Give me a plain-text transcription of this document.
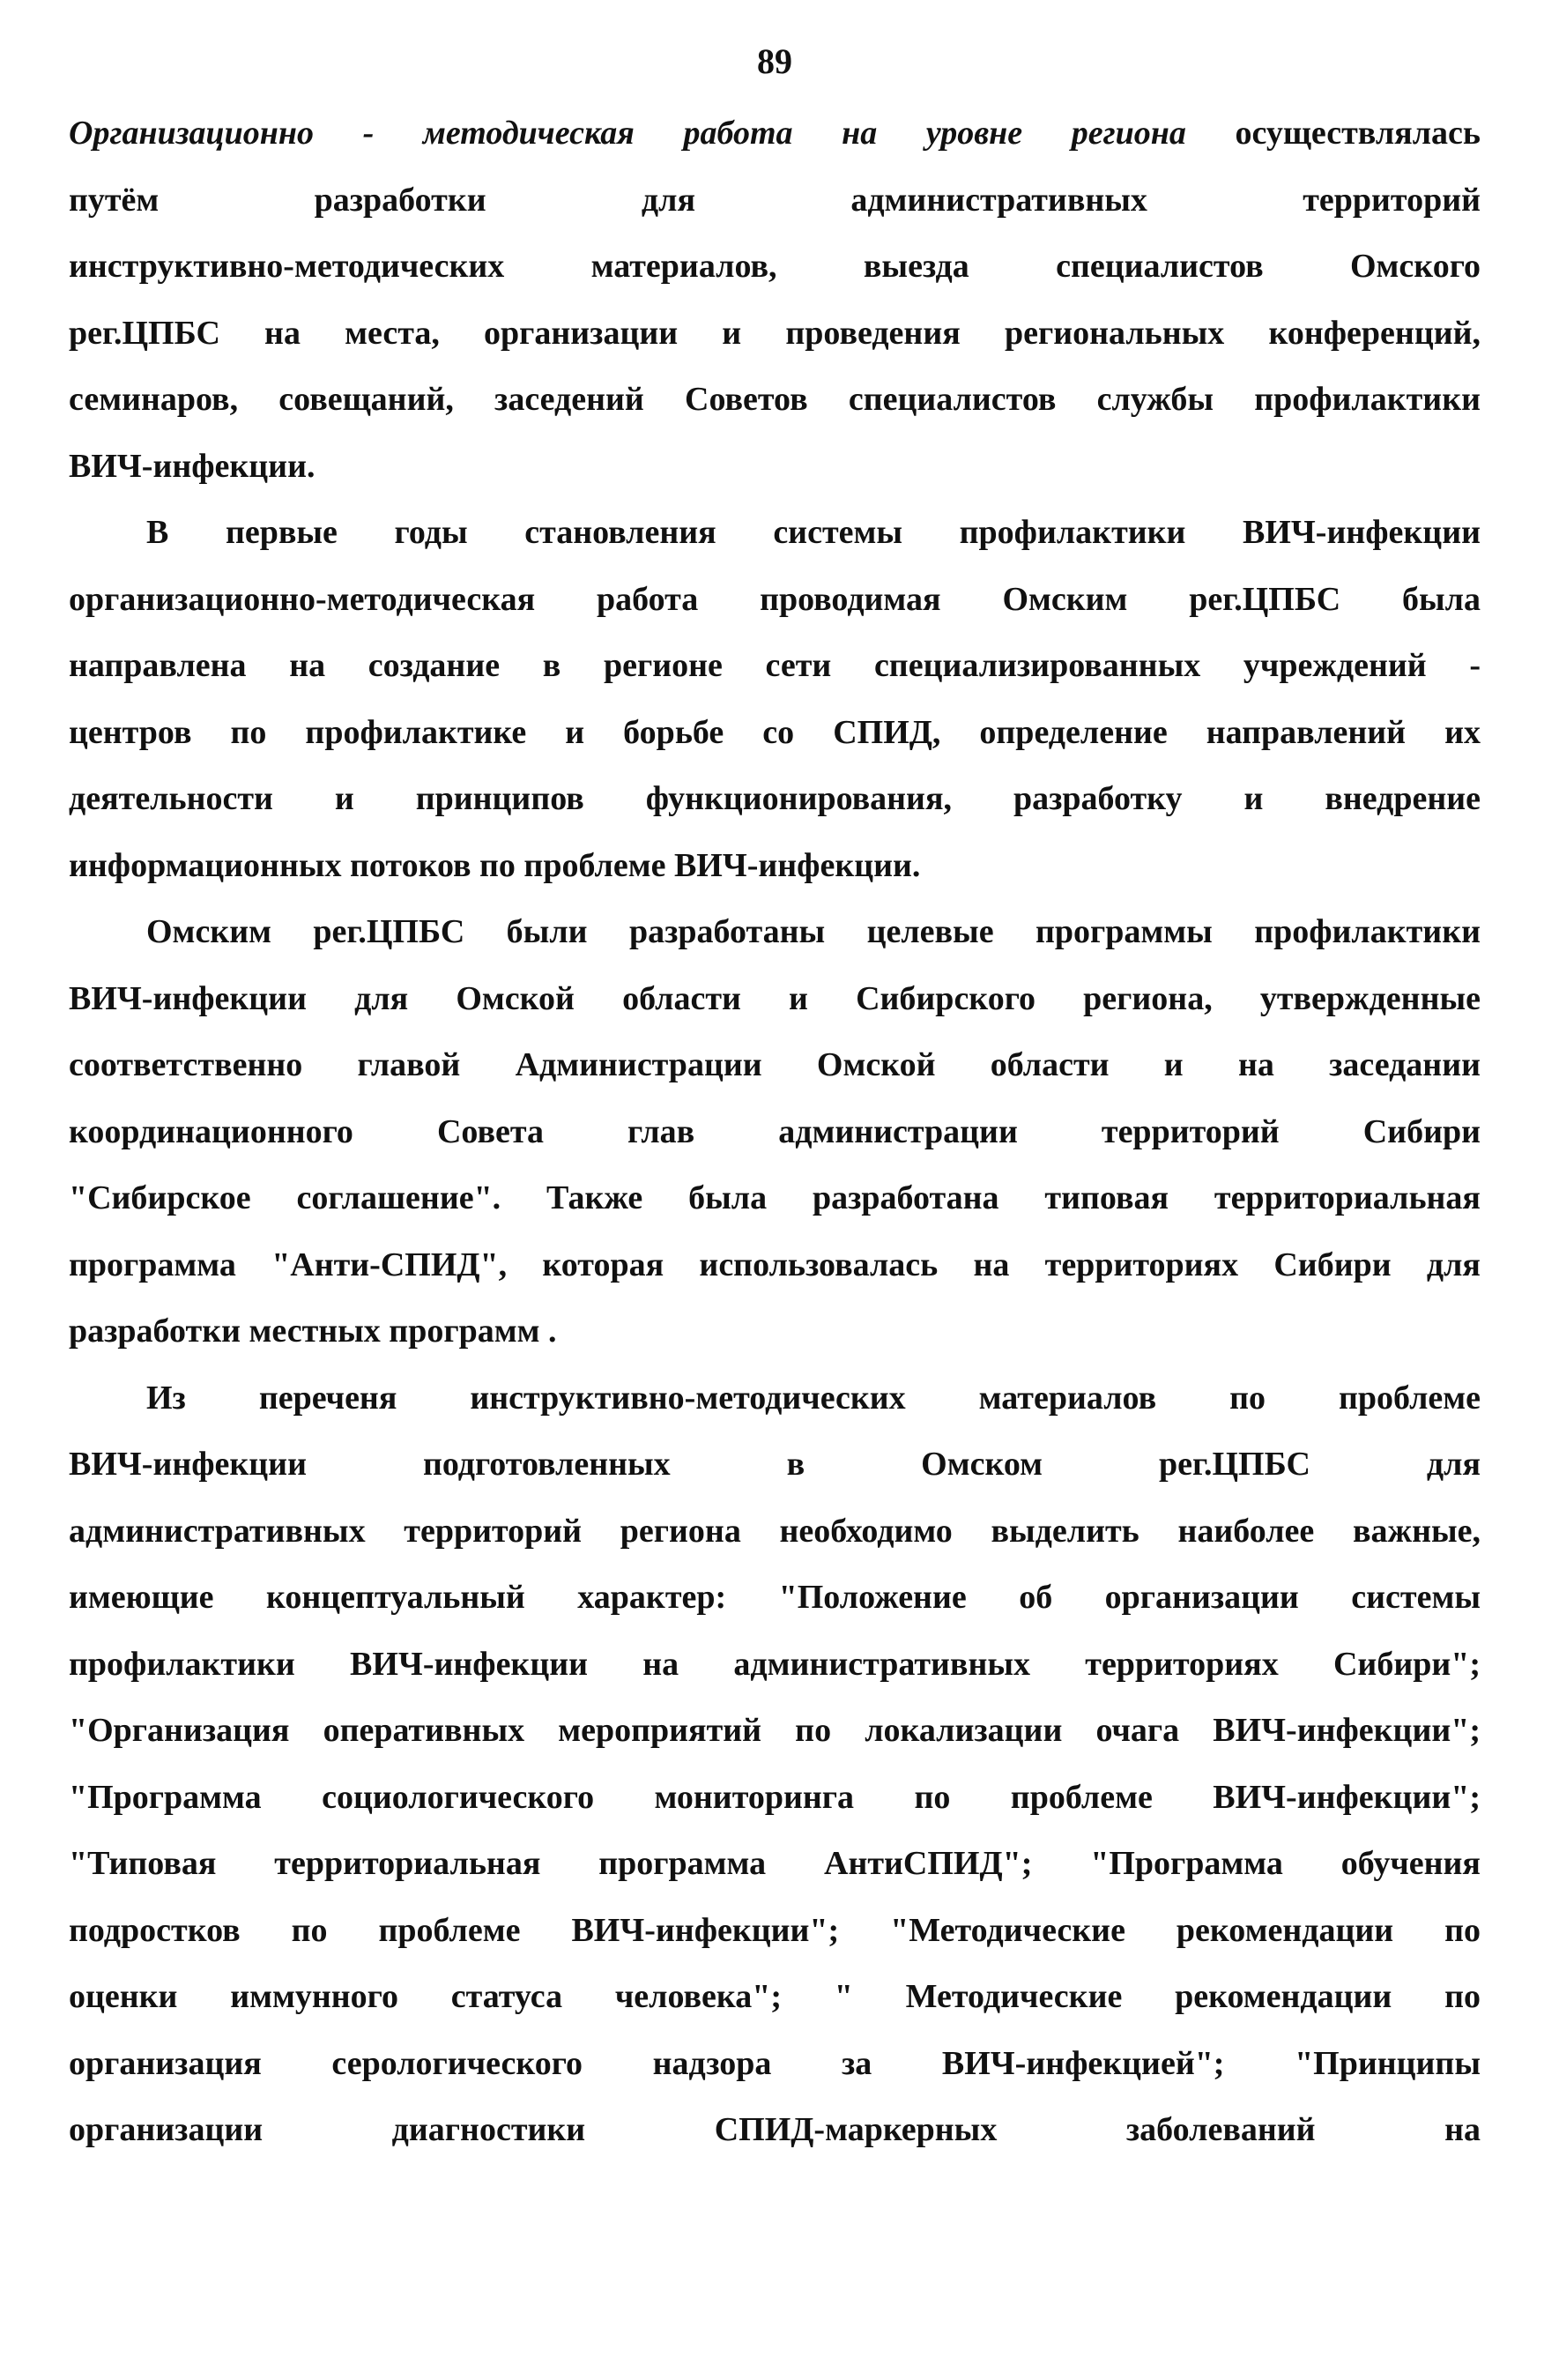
89
Организационно - методическая работа на уровне региона осуществлялась
путём разработки для административных территорий
инструктивно-методических материалов, выезда специалистов Омского
рег.ЦПБС на места, организации и проведения региональных конференций,
семинаров, совещаний, заседений Советов специалистов службы профилактики
ВИЧ-инфекции.
В первые годы становления системы профилактики ВИЧ-инфекции
организационно-методическая работа проводимая Омским рег.ЦПБС была
направлена на создание в регионе сети специализированных учреждений -
центров по профилактике и борьбе со СПИД, определение направлений их
деятельности и принципов функционирования, разработку и внедрение
информационных потоков по проблеме ВИЧ-инфекции.
Омским рег.ЦПБС были разработаны целевые программы профилактики
ВИЧ-инфекции для Омской области и Сибирского региона, утвержденные
соответственно главой Администрации Омской области и на заседании
координационного Совета глав администрации территорий Сибири
"Сибирское соглашение". Также была разработана типовая территориальная
программа "Анти-СПИД", которая использовалась на территориях Сибири для
разработки местных программ .
Из переченя инструктивно-методических материалов по проблеме
ВИЧ-инфекции подготовленных в Омском рег.ЦПБС для
административных территорий региона необходимо выделить наиболее важные,
имеющие концептуальный характер: "Положение об организации системы
профилактики ВИЧ-инфекции на административных территориях Сибири";
"Организация оперативных мероприятий по локализации очага ВИЧ-инфекции";
"Программа социологического мониторинга по проблеме ВИЧ-инфекции";
"Типовая территориальная программа АнтиСПИД"; "Программа обучения
подростков по проблеме ВИЧ-инфекции"; "Методические рекомендации по
оценки иммунного статуса человека"; " Методические рекомендации по
организация серологического надзора за ВИЧ-инфекцией"; "Принципы
организации диагностики СПИД-маркерных заболеваний на
